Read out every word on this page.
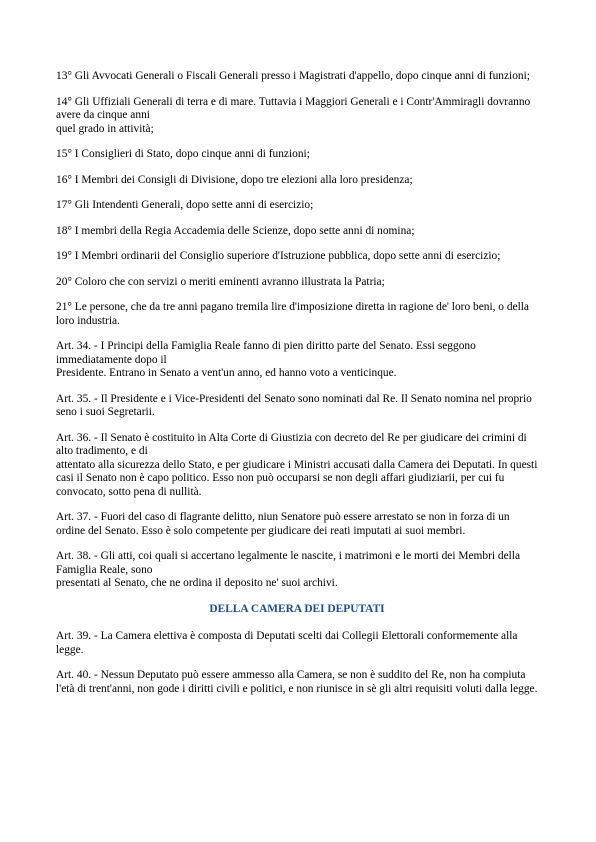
13° Gli Avvocati Generali o Fiscali Generali presso i Magistrati d'appello, dopo cinque anni di funzioni;

14° Gli Uffiziali Generali di terra e di mare. Tuttavia i Maggiori Generali e i Contr'Ammiragli dovranno avere da cinque anni
quel grado in attività;

15° I Consiglieri di Stato, dopo cinque anni di funzioni;

16° I Membri dei Consigli di Divisione, dopo tre elezioni alla loro presidenza;

17° Gli Intendenti Generali, dopo sette anni di esercizio;

18° I membri della Regia Accademia delle Scienze, dopo sette anni di nomina;

19° I Membri ordinarii del Consiglio superiore d'Istruzione pubblica, dopo sette anni di esercizio;

20° Coloro che con servizi o meriti eminenti avranno illustrata la Patria;

21° Le persone, che da tre anni pagano tremila lire d'imposizione diretta in ragione de' loro beni, o della loro industria.

Art. 34. - I Principi della Famiglia Reale fanno di pien diritto parte del Senato. Essi seggono immediatamente dopo il
Presidente. Entrano in Senato a vent'un anno, ed hanno voto a venticinque.

Art. 35. - Il Presidente e i Vice-Presidenti del Senato sono nominati dal Re. Il Senato nomina nel proprio seno i suoi Segretarii.

Art. 36. - Il Senato è costituito in Alta Corte di Giustizia con decreto del Re per giudicare dei crimini di alto tradimento, e di
attentato alla sicurezza dello Stato, e per giudicare i Ministri accusati dalla Camera dei Deputati. In questi casi il Senato non è capo politico. Esso non può occuparsi se non degli affari giudiziarii, per cui fu convocato, sotto pena di nullità.

Art. 37. - Fuori del caso di flagrante delitto, niun Senatore può essere arrestato se non in forza di un ordine del Senato. Esso è solo competente per giudicare dei reati imputati ai suoi membri.

Art. 38. - Gli atti, coi quali si accertano legalmente le nascite, i matrimoni e le morti dei Membri della Famiglia Reale, sono
presentati al Senato, che ne ordina il deposito ne' suoi archivi.

DELLA CAMERA DEI DEPUTATI

Art. 39. - La Camera elettiva è composta di Deputati scelti dai Collegii Elettorali conformemente alla legge.

Art. 40. - Nessun Deputato può essere ammesso alla Camera, se non è suddito del Re, non ha compiuta l'età di trent'anni, non gode i diritti civili e politici, e non riunisce in sè gli altri requisiti voluti dalla legge.
